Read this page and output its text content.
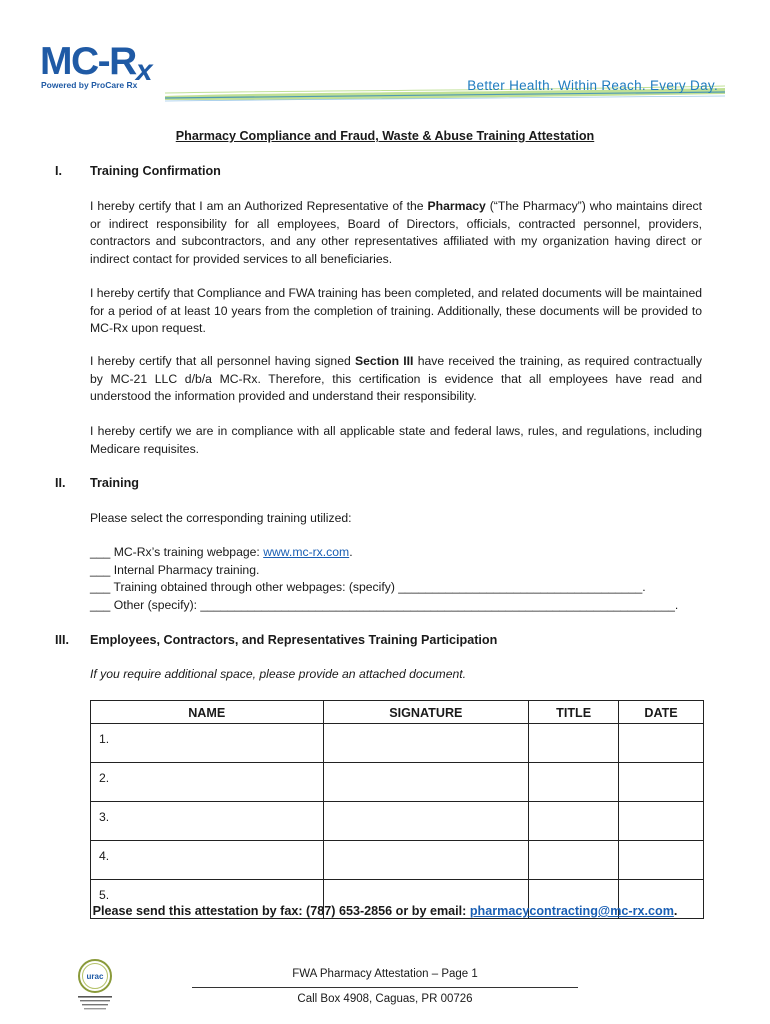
MC-Rx
Powered by ProCare Rx	Better Health. Within Reach. Every Day.
Pharmacy Compliance and Fraud, Waste & Abuse Training Attestation
I. Training Confirmation
I hereby certify that I am an Authorized Representative of the Pharmacy (“The Pharmacy”) who maintains direct or indirect responsibility for all employees, Board of Directors, officials, contracted personnel, providers, contractors and subcontractors, and any other representatives affiliated with my organization having direct or indirect contact for provided services to all beneficiaries.
I hereby certify that Compliance and FWA training has been completed, and related documents will be maintained for a period of at least 10 years from the completion of training. Additionally, these documents will be provided to MC-Rx upon request.
I hereby certify that all personnel having signed Section III have received the training, as required contractually by MC-21 LLC d/b/a MC-Rx. Therefore, this certification is evidence that all employees have read and understood the information provided and understand their responsibility.
I hereby certify we are in compliance with all applicable state and federal laws, rules, and regulations, including Medicare requisites.
II. Training
Please select the corresponding training utilized:
___ MC-Rx’s training webpage: www.mc-rx.com.
___ Internal Pharmacy training.
___ Training obtained through other webpages: (specify) ____________________________________.
___ Other (specify): ______________________________________________________________________.
III. Employees, Contractors, and Representatives Training Participation
If you require additional space, please provide an attached document.
NAME	SIGNATURE	TITLE	DATE
1.			
2.			
3.			
4.			
5.			
Please send this attestation by fax: (787) 653-2856 or by email: pharmacycontracting@mc-rx.com.
urac	FWA Pharmacy Attestation – Page 1
Call Box 4908, Caguas, PR 00726
